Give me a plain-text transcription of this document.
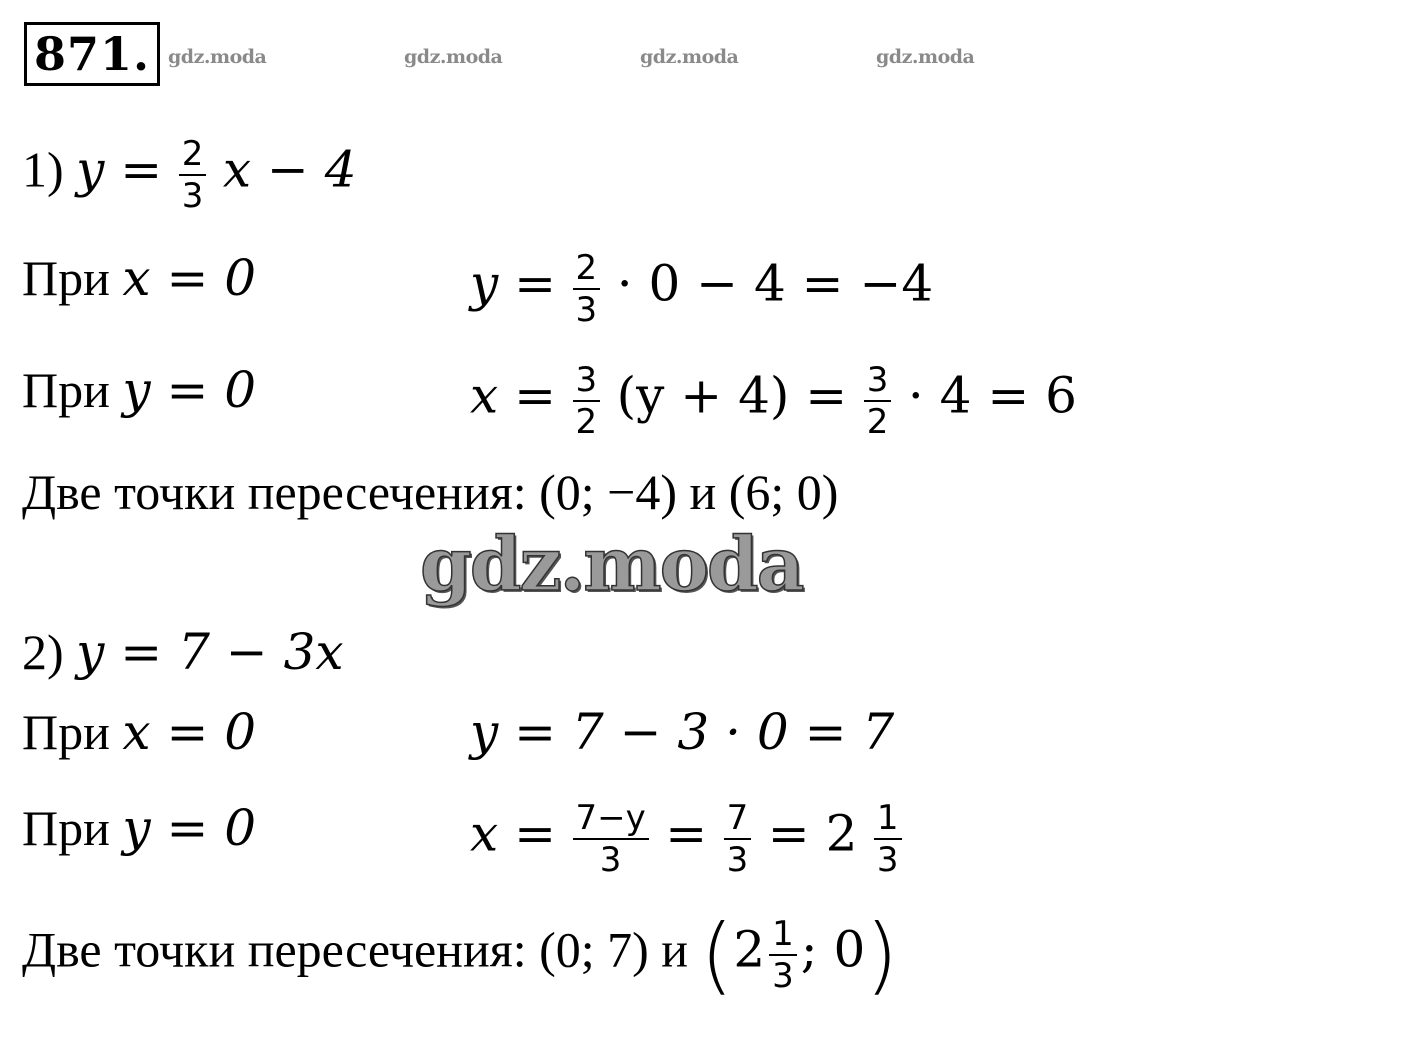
871. gdz.moda	gdz.moda	gdz.moda	gdz.moda
1) $y = \frac{2}{3}$ x − 4
При x = 0	$y = \frac{2}{3} \cdot 0 - 4 = -4$
При y = 0	$x = \frac{3}{2} (y + 4) = \frac{3}{2} \cdot 4 = 6$
Две точки пересечения: (0; −4) и (6; 0)
gdz.moda
2) y = 7 − 3x
При x = 0	y = 7 − 3 · 0 = 7
При y = 0	$x = \frac{7-y}{3} = \frac{7}{3} = 2 \frac{1}{3}$
Две точки пересечения: (0; 7) и ($2 \frac{1}{3}$ ; 0)
